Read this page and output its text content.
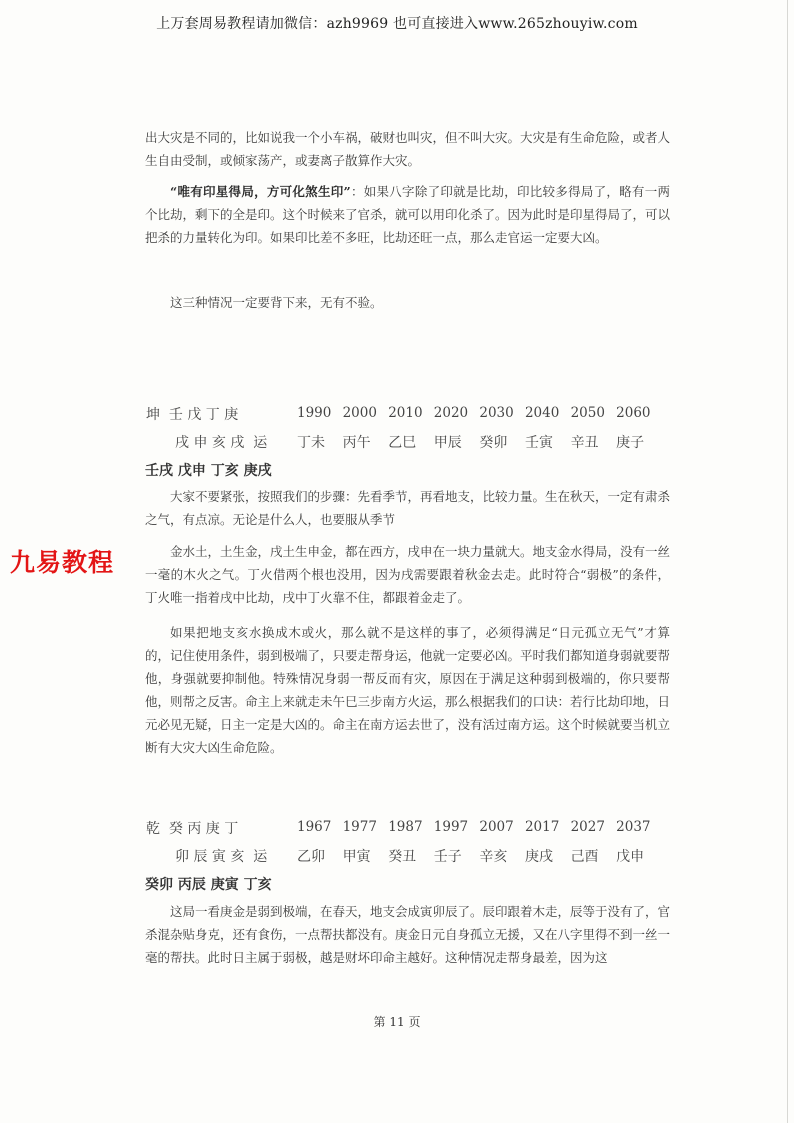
上万套周易教程请加微信：azh9969 也可直接进入www.265zhouyiw.com

出大灾是不同的，比如说我一个小车祸，破财也叫灾，但不叫大灾。大灾是有生命危险，或者人生自由受制，或倾家荡产，或妻离子散算作大灾。

“唯有印星得局，方可化煞生印”：如果八字除了印就是比劫，印比较多得局了，略有一两个比劫，剩下的全是印。这个时候来了官杀，就可以用印化杀了。因为此时是印星得局了，可以把杀的力量转化为印。如果印比差不多旺，比劫还旺一点，那么走官运一定要大凶。

这三种情况一定要背下来，无有不验。

坤 壬 戊 丁 庚	1990 2000 2010 2020 2030 2040 2050 2060
戌 申 亥 戌 运 丁未	丙午	乙巳	甲辰	癸卯	壬寅	辛丑	庚子
壬戌 戊申 丁亥 庚戌

大家不要紧张，按照我们的步骤：先看季节，再看地支，比较力量。生在秋天，一定有肃杀之气，有点凉。无论是什么人，也要服从季节

金水土，土生金，戌土生申金，都在西方，戌申在一块力量就大。地支金水得局，没有一丝一毫的木火之气。丁火借两个根也没用，因为戌需要跟着秋金去走。此时符合“弱极”的条件，丁火唯一指着戌中比劫，戌中丁火靠不住，都跟着金走了。

如果把地支亥水换成木或火，那么就不是这样的事了，必须得满足“日元孤立无气”才算的，记住使用条件，弱到极端了，只要走帮身运，他就一定要必凶。平时我们都知道身弱就要帮他，身强就要抑制他。特殊情况身弱一帮反而有灾，原因在于满足这种弱到极端的，你只要帮他，则帮之反害。命主上来就走未午巳三步南方火运，那么根据我们的口诀：若行比劫印地，日元必见无疑，日主一定是大凶的。命主在南方运去世了，没有活过南方运。这个时候就要当机立断有大灾大凶生命危险。

九易教程
乾 癸 丙 庚 丁	1967 1977 1987 1997 2007 2017 2027 2037
卯 辰 寅 亥 运 乙卯	甲寅	癸丑	壬子	辛亥	庚戌	己酉	戊申
癸卯 丙辰 庚寅 丁亥

这局一看庚金是弱到极端，在春天，地支会成寅卯辰了。辰印跟着木走，辰等于没有了，官杀混杂贴身克，还有食伤，一点帮扶都没有。庚金日元自身孤立无援，又在八字里得不到一丝一毫的帮扶。此时日主属于弱极，越是财坏印命主越好。这种情况走帮身最差，因为这

第 11 页
